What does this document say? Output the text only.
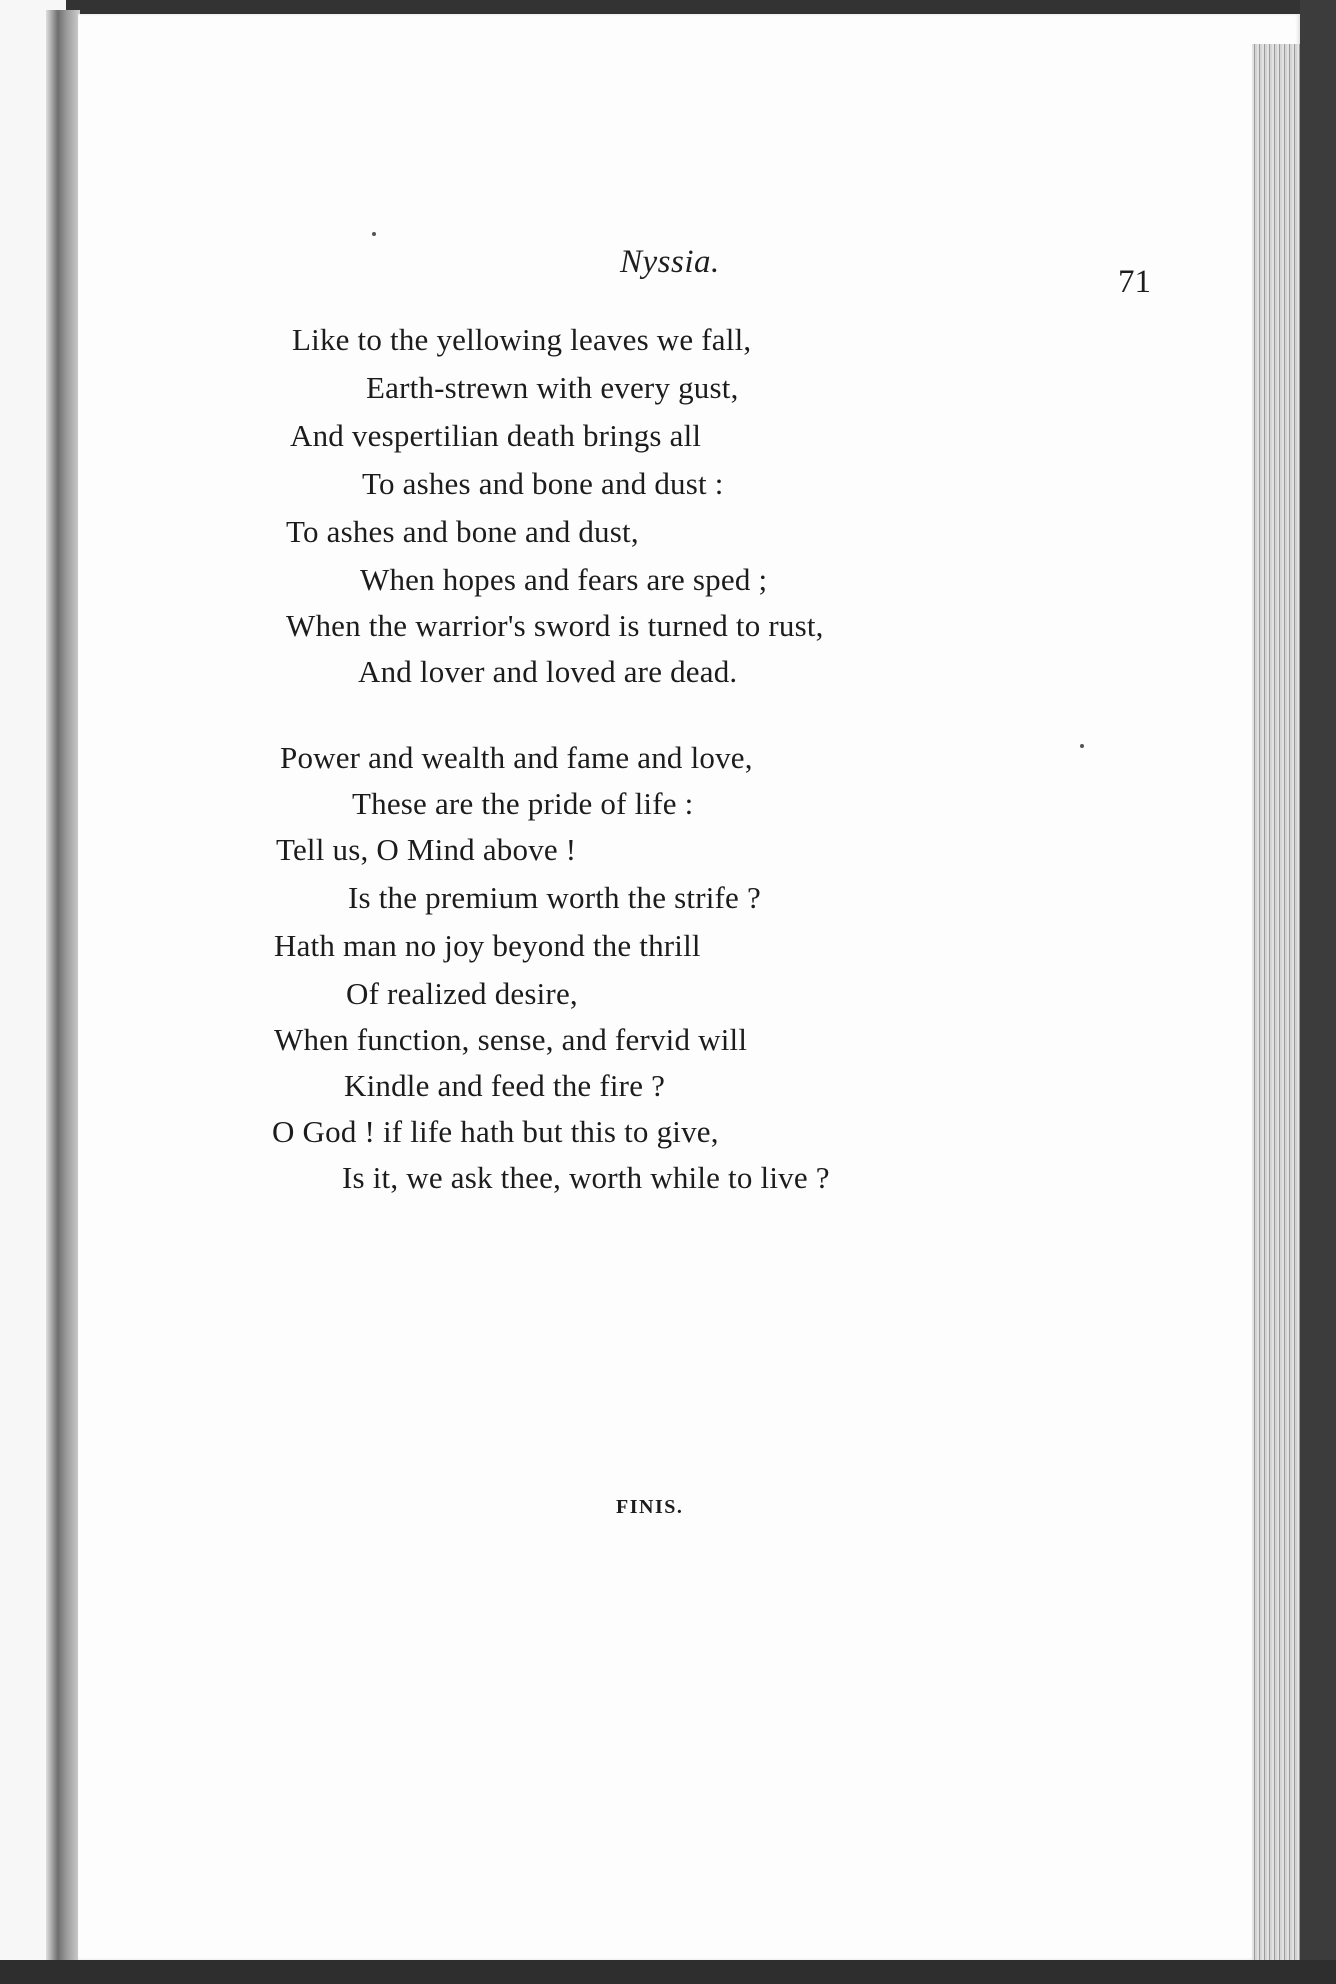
Nyssia.
71
Like to the yellowing leaves we fall,
Earth-strewn with every gust,
And vespertilian death brings all
To ashes and bone and dust :
To ashes and bone and dust,
When hopes and fears are sped ;
When the warrior's sword is turned to rust,
And lover and loved are dead.
Power and wealth and fame and love,
These are the pride of life :
Tell us, O Mind above !
Is the premium worth the strife ?
Hath man no joy beyond the thrill
Of realized desire,
When function, sense, and fervid will
Kindle and feed the fire ?
O God ! if life hath but this to give,
Is it, we ask thee, worth while to live ?
FINIS.
